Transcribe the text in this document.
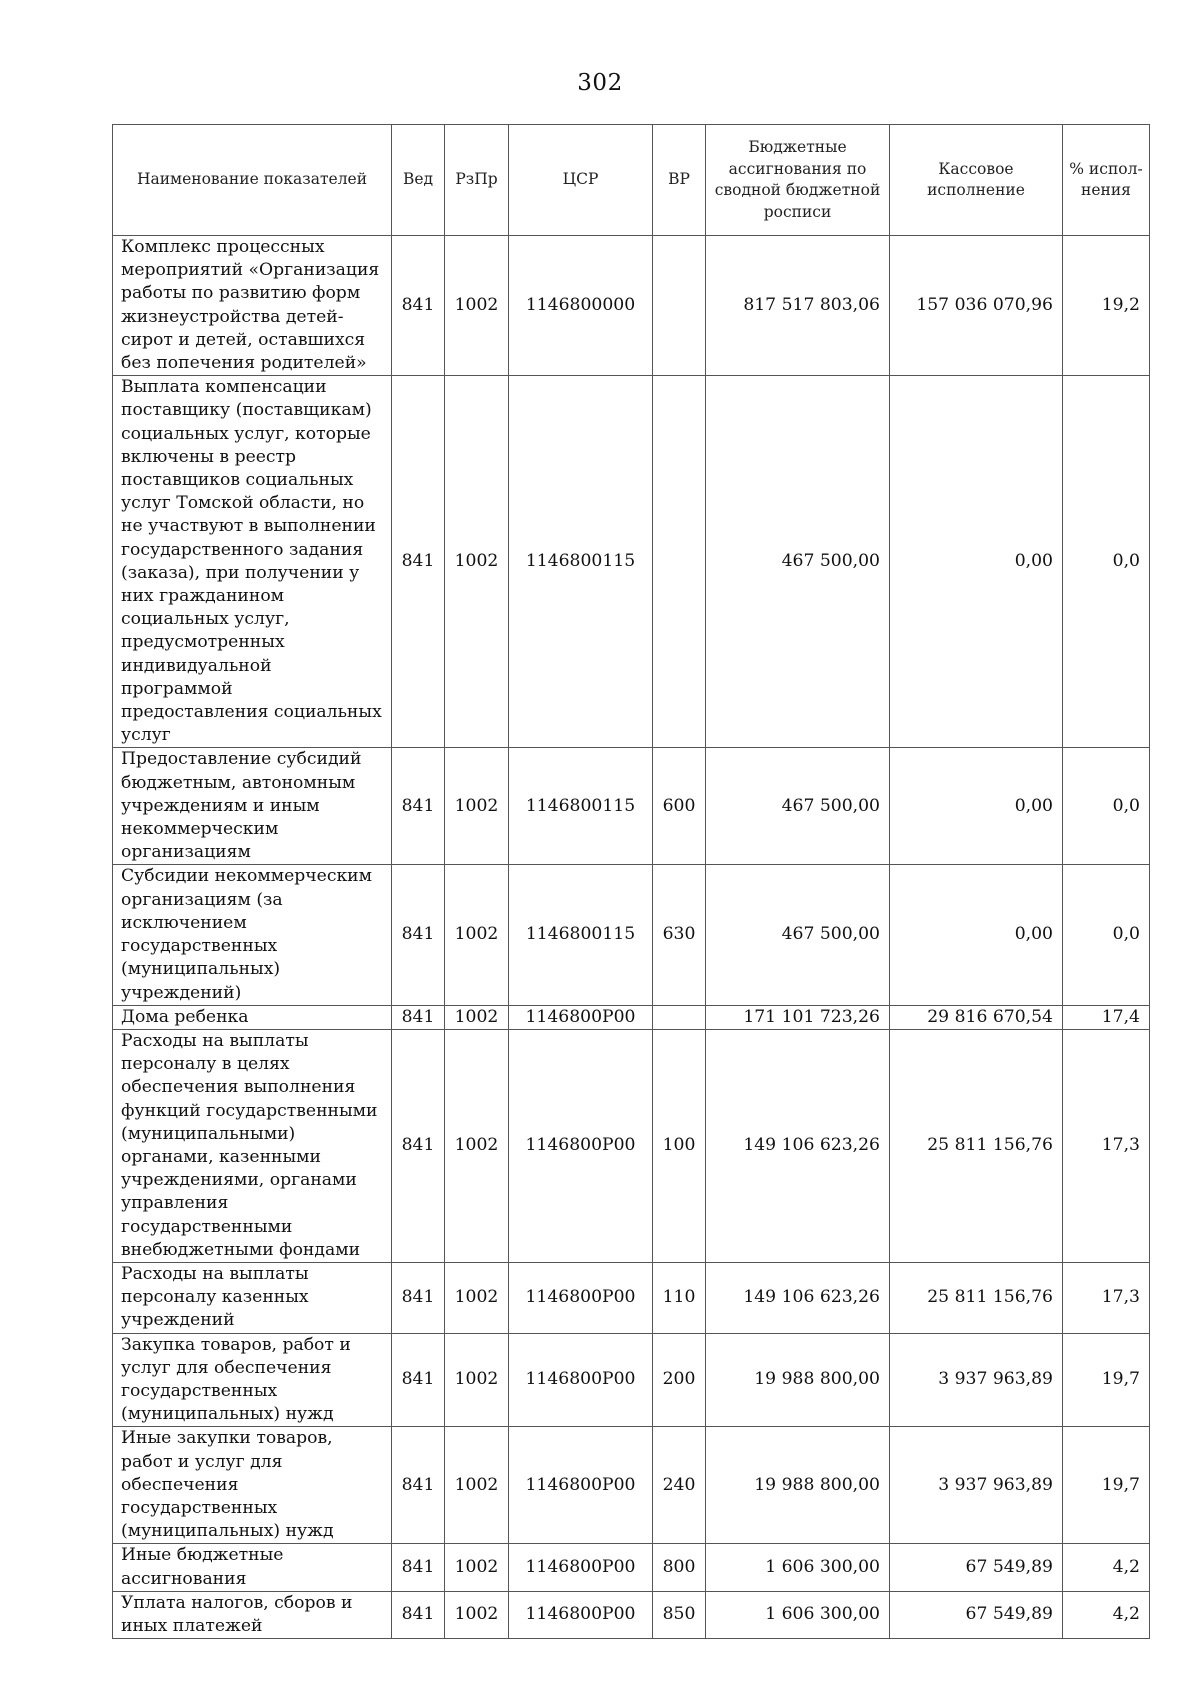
302
Наименование показателей	Вед	РзПр	ЦСР	ВР	Бюджетные ассигнования по сводной бюджетной росписи	Кассовое исполнение	% испол-нения
Комплекс процессных мероприятий «Организация работы по развитию форм жизнеустройства детей-сирот и детей, оставшихся без попечения родителей»	841	1002	1146800000		817 517 803,06	157 036 070,96	19,2
Выплата компенсации поставщику (поставщикам) социальных услуг, которые включены в реестр поставщиков социальных услуг Томской области, но не участвуют в выполнении государственного задания (заказа), при получении у них гражданином социальных услуг, предусмотренных индивидуальной программой предоставления социальных услуг	841	1002	1146800115		467 500,00	0,00	0,0
Предоставление субсидий бюджетным, автономным учреждениям и иным некоммерческим организациям	841	1002	1146800115	600	467 500,00	0,00	0,0
Субсидии некоммерческим организациям (за исключением государственных (муниципальных) учреждений)	841	1002	1146800115	630	467 500,00	0,00	0,0
Дома ребенка	841	1002	1146800Р00		171 101 723,26	29 816 670,54	17,4
Расходы на выплаты персоналу в целях обеспечения выполнения функций государственными (муниципальными) органами, казенными учреждениями, органами управления государственными внебюджетными фондами	841	1002	1146800Р00	100	149 106 623,26	25 811 156,76	17,3
Расходы на выплаты персоналу казенных учреждений	841	1002	1146800Р00	110	149 106 623,26	25 811 156,76	17,3
Закупка товаров, работ и услуг для обеспечения государственных (муниципальных) нужд	841	1002	1146800Р00	200	19 988 800,00	3 937 963,89	19,7
Иные закупки товаров, работ и услуг для обеспечения государственных (муниципальных) нужд	841	1002	1146800Р00	240	19 988 800,00	3 937 963,89	19,7
Иные бюджетные ассигнования	841	1002	1146800Р00	800	1 606 300,00	67 549,89	4,2
Уплата налогов, сборов и иных платежей	841	1002	1146800Р00	850	1 606 300,00	67 549,89	4,2
